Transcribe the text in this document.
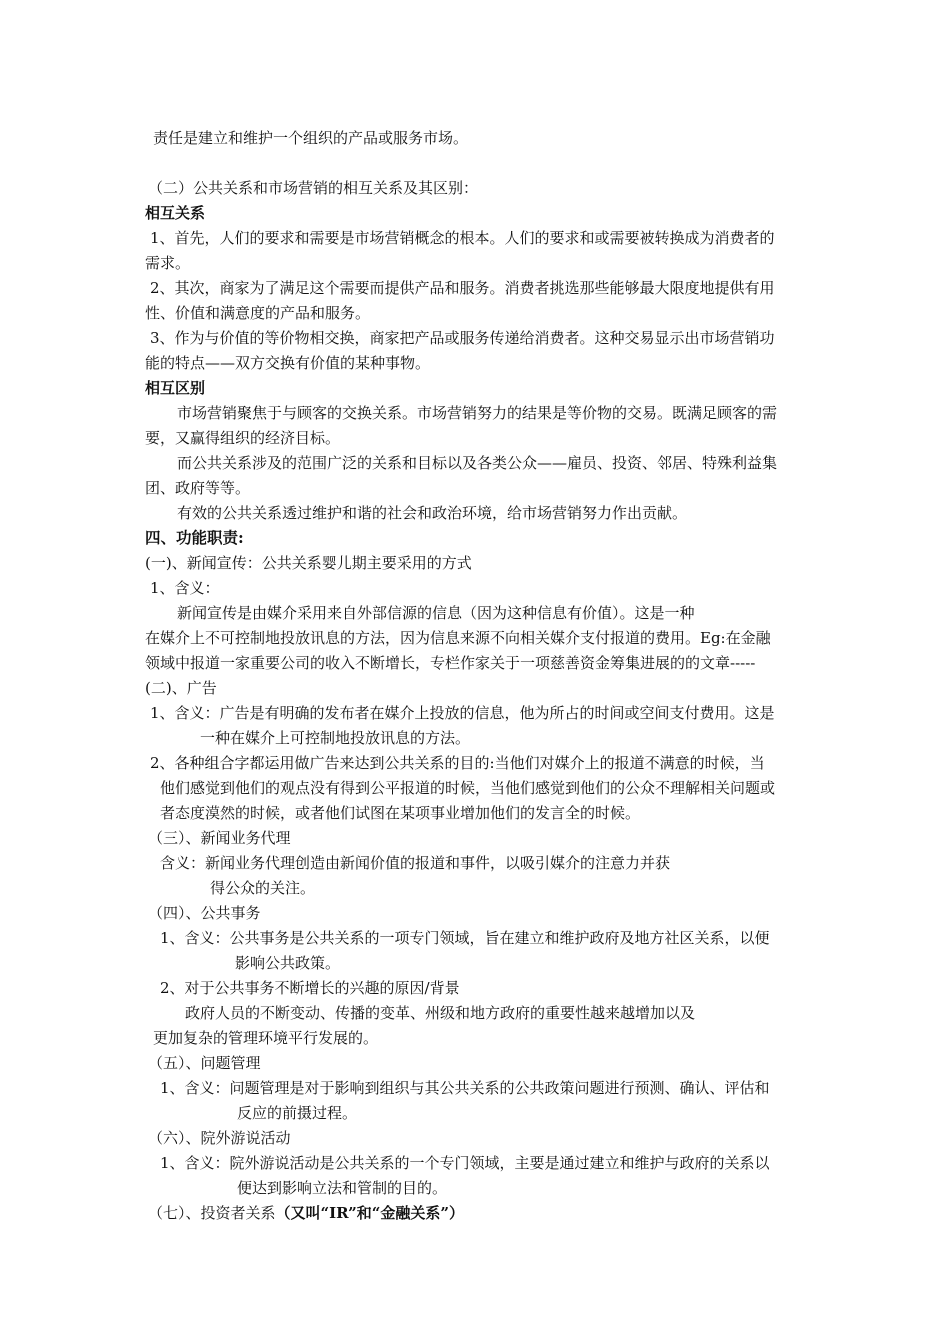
责任是建立和维护一个组织的产品或服务市场。
（二）公共关系和市场营销的相互关系及其区别：
相互关系
1、首先，人们的要求和需要是市场营销概念的根本。人们的要求和或需要被转换成为消费者的
需求。
2、其次，商家为了满足这个需要而提供产品和服务。消费者挑选那些能够最大限度地提供有用
性、价值和满意度的产品和服务。
3、作为与价值的等价物相交换，商家把产品或服务传递给消费者。这种交易显示出市场营销功
能的特点——双方交换有价值的某种事物。
相互区别
市场营销聚焦于与顾客的交换关系。市场营销努力的结果是等价物的交易。既满足顾客的需
要，又赢得组织的经济目标。
而公共关系涉及的范围广泛的关系和目标以及各类公众——雇员、投资、邻居、特殊利益集
团、政府等等。
有效的公共关系透过维护和谐的社会和政治环境，给市场营销努力作出贡献。
四、功能职责:
(一)、新闻宣传：公共关系婴儿期主要采用的方式
1、含义：
新闻宣传是由媒介采用来自外部信源的信息（因为这种信息有价值）。这是一种
在媒介上不可控制地投放讯息的方法，因为信息来源不向相关媒介支付报道的费用。Eg:在金融
领域中报道一家重要公司的收入不断增长，专栏作家关于一项慈善资金筹集进展的的文章-----
(二)、广告
1、含义：广告是有明确的发布者在媒介上投放的信息，他为所占的时间或空间支付费用。这是
一种在媒介上可控制地投放讯息的方法。
2、各种组合字都运用做广告来达到公共关系的目的:当他们对媒介上的报道不满意的时候，当
他们感觉到他们的观点没有得到公平报道的时候，当他们感觉到他们的公众不理解相关问题或
者态度漠然的时候，或者他们试图在某项事业增加他们的发言全的时候。
（三）、新闻业务代理
含义：新闻业务代理创造由新闻价值的报道和事件，以吸引媒介的注意力并获
得公众的关注。
（四）、公共事务
1、含义：公共事务是公共关系的一项专门领域，旨在建立和维护政府及地方社区关系，以便
影响公共政策。
2、对于公共事务不断增长的兴趣的原因/背景
政府人员的不断变动、传播的变革、州级和地方政府的重要性越来越增加以及
更加复杂的管理环境平行发展的。
（五）、问题管理
1、含义：问题管理是对于影响到组织与其公共关系的公共政策问题进行预测、确认、评估和
反应的前摄过程。
（六）、院外游说活动
1、含义：院外游说活动是公共关系的一个专门领域，主要是通过建立和维护与政府的关系以
便达到影响立法和管制的目的。
（七）、投资者关系（又叫“IR”和“金融关系”）
